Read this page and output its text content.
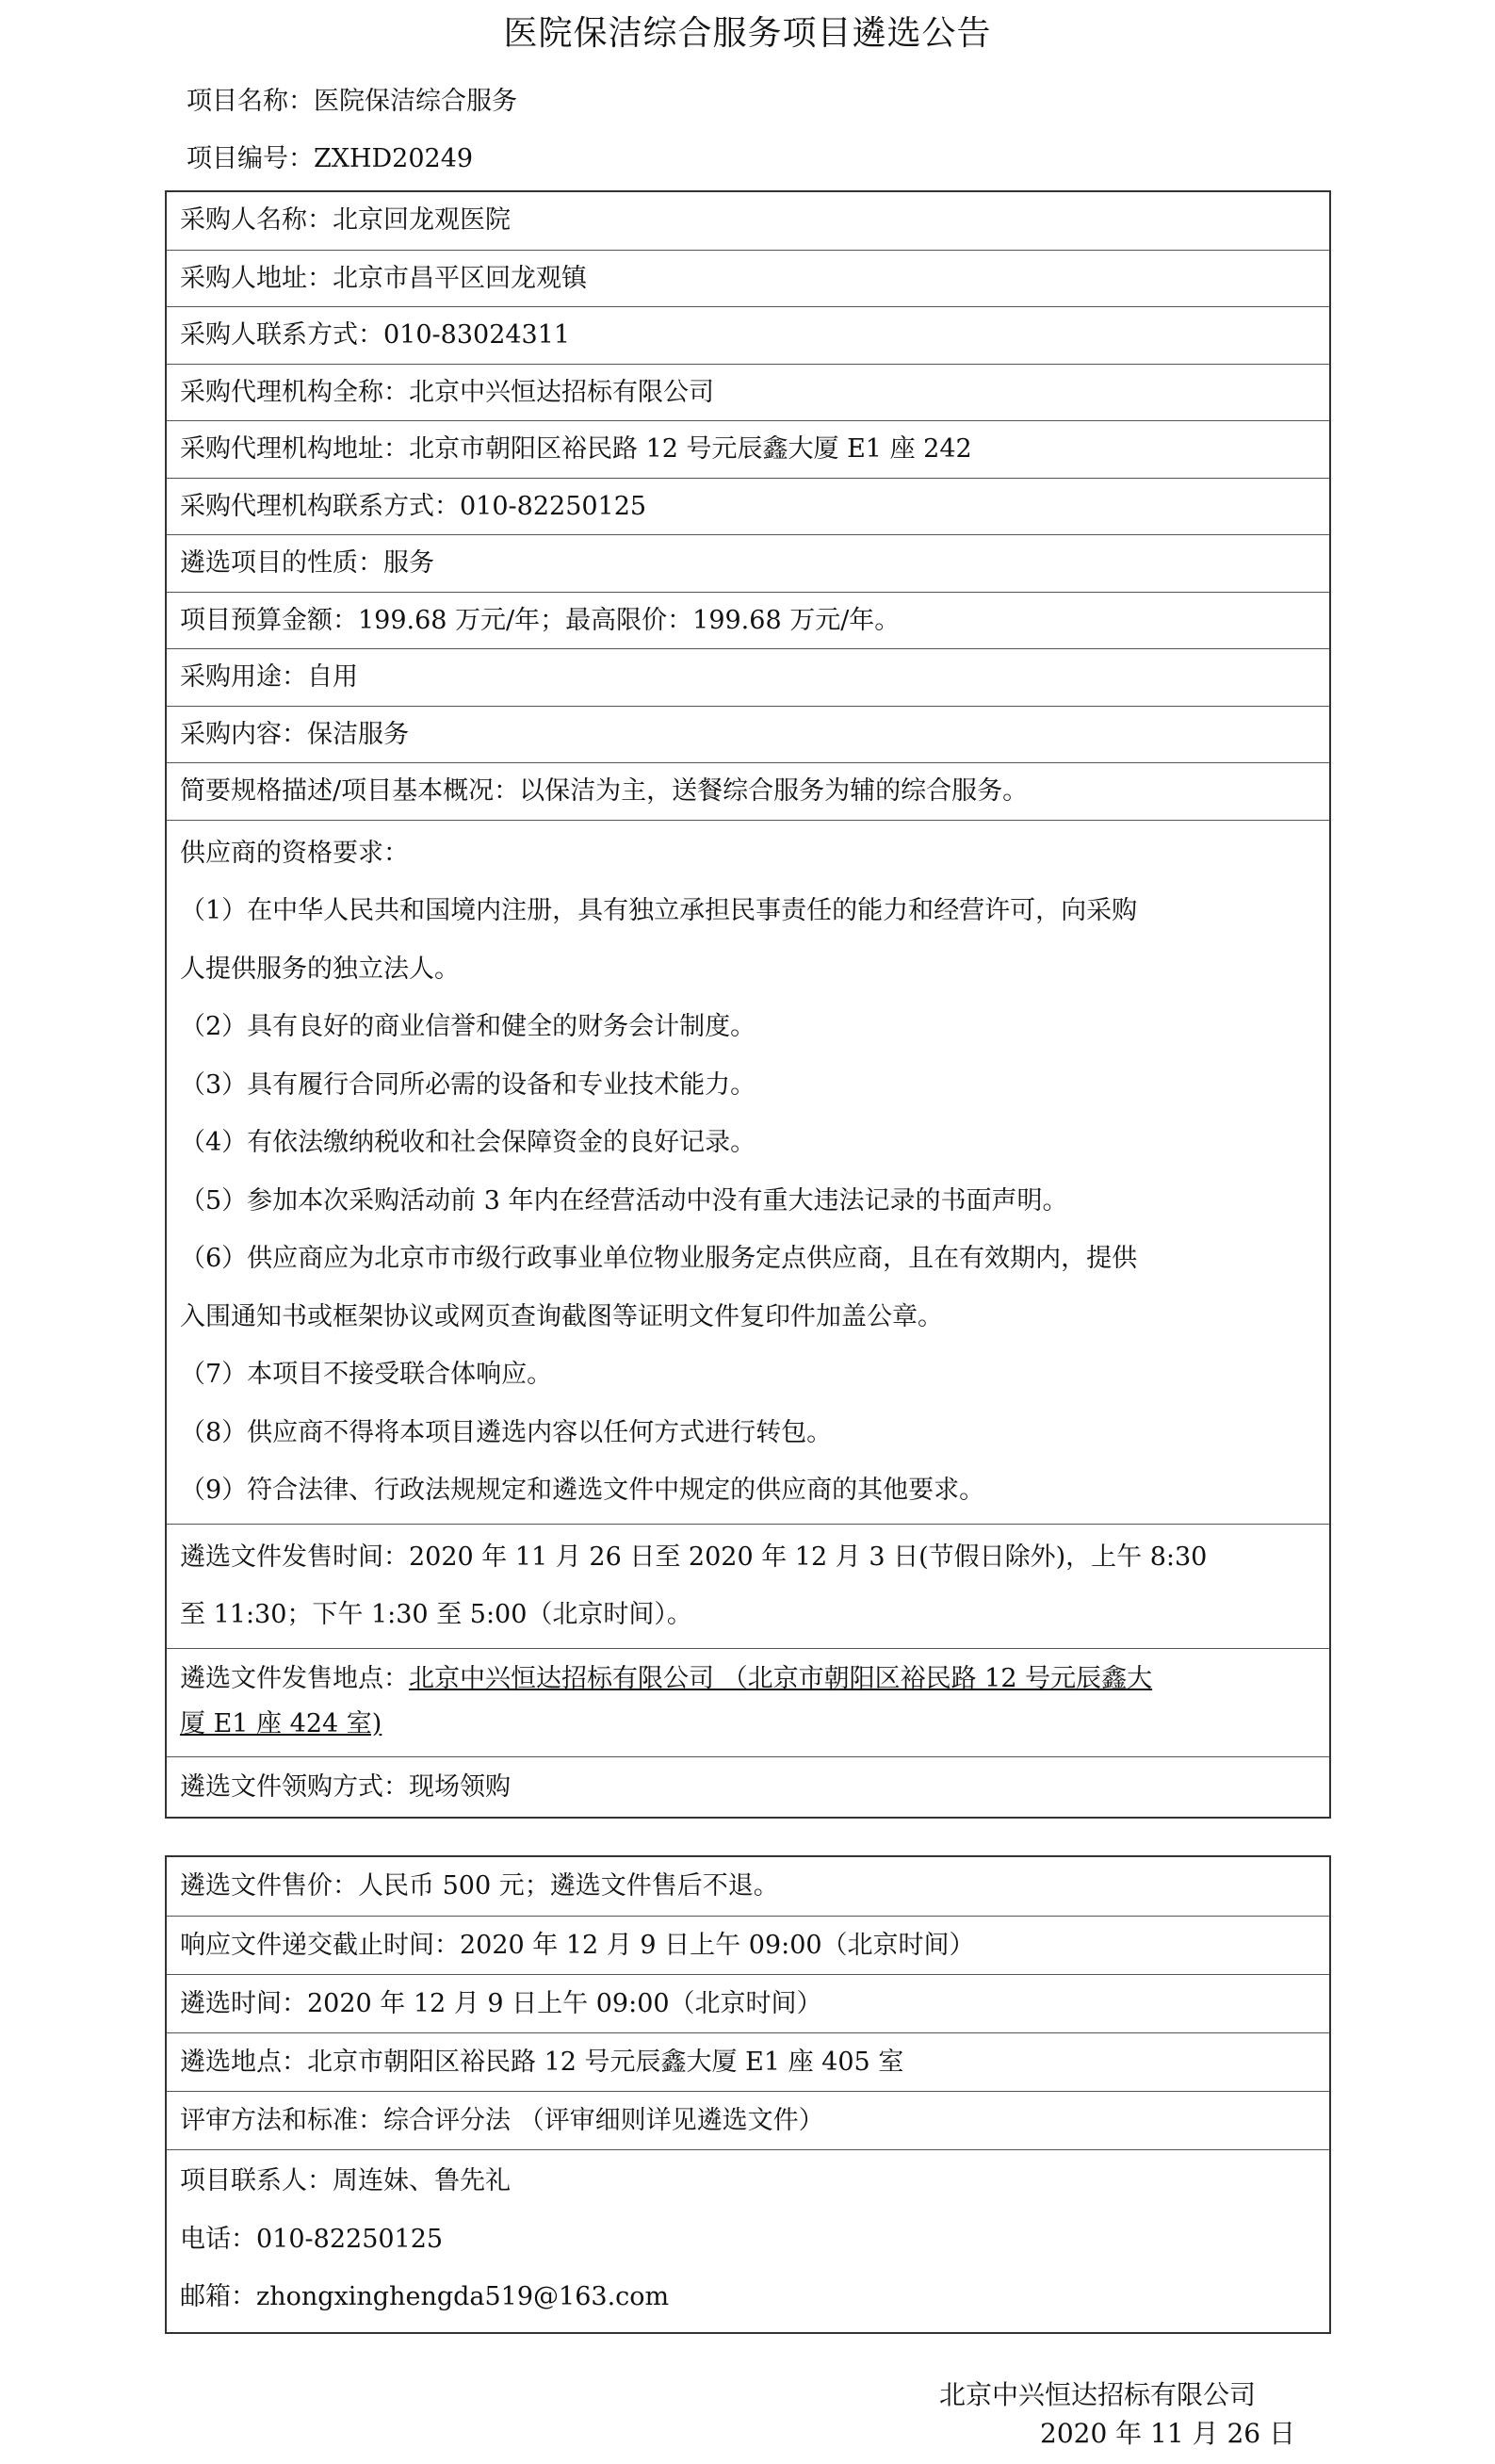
医院保洁综合服务项目遴选公告
项目名称：医院保洁综合服务
项目编号：ZXHD20249
采购人名称：北京回龙观医院
采购人地址：北京市昌平区回龙观镇
采购人联系方式：010-83024311
采购代理机构全称：北京中兴恒达招标有限公司
采购代理机构地址：北京市朝阳区裕民路 12 号元辰鑫大厦 E1 座 242
采购代理机构联系方式：010-82250125
遴选项目的性质：服务
项目预算金额：199.68 万元/年；最高限价：199.68 万元/年。
采购用途：自用
采购内容：保洁服务
简要规格描述/项目基本概况：以保洁为主，送餐综合服务为辅的综合服务。
供应商的资格要求：
（1）在中华人民共和国境内注册，具有独立承担民事责任的能力和经营许可，向采购
人提供服务的独立法人。
（2）具有良好的商业信誉和健全的财务会计制度。
（3）具有履行合同所必需的设备和专业技术能力。
（4）有依法缴纳税收和社会保障资金的良好记录。
（5）参加本次采购活动前 3 年内在经营活动中没有重大违法记录的书面声明。
（6）供应商应为北京市市级行政事业单位物业服务定点供应商，且在有效期内，提供
入围通知书或框架协议或网页查询截图等证明文件复印件加盖公章。
（7）本项目不接受联合体响应。
（8）供应商不得将本项目遴选内容以任何方式进行转包。
（9）符合法律、行政法规规定和遴选文件中规定的供应商的其他要求。
遴选文件发售时间：2020 年 11 月 26 日至 2020 年 12 月 3 日(节假日除外)，上午 8:30
至 11:30；下午 1:30 至 5:00（北京时间）。
遴选文件发售地点：北京中兴恒达招标有限公司 （北京市朝阳区裕民路 12 号元辰鑫大
厦 E1 座 424 室)
遴选文件领购方式：现场领购
遴选文件售价：人民币 500 元；遴选文件售后不退。
响应文件递交截止时间：2020 年 12 月 9 日上午 09:00（北京时间）
遴选时间：2020 年 12 月 9 日上午 09:00（北京时间）
遴选地点：北京市朝阳区裕民路 12 号元辰鑫大厦 E1 座 405 室
评审方法和标准：综合评分法 （评审细则详见遴选文件）
项目联系人：周连妹、鲁先礼
电话：010-82250125
邮箱：zhongxinghengda519@163.com
北京中兴恒达招标有限公司
2020 年 11 月 26 日
